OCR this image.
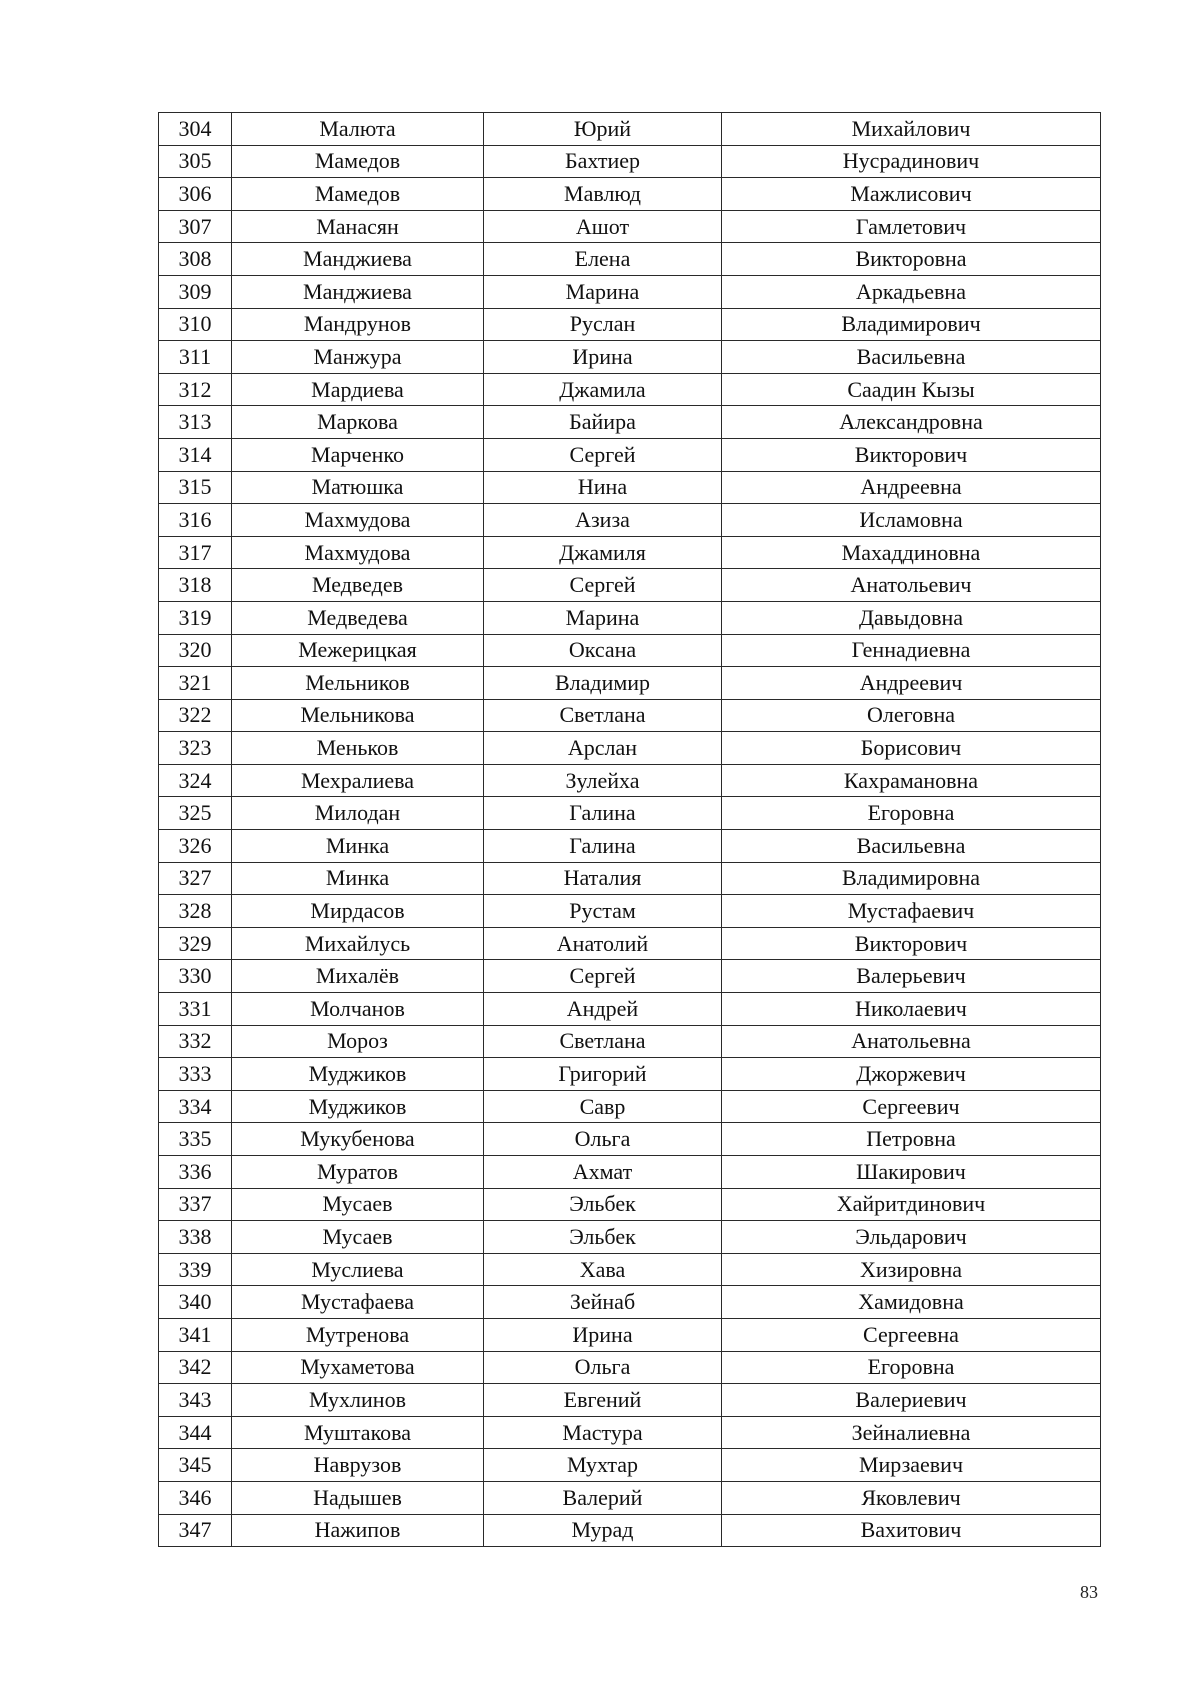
304	Малюта	Юрий	Михайлович
305	Мамедов	Бахтиер	Нусрадинович
306	Мамедов	Мавлюд	Мажлисович
307	Манасян	Ашот	Гамлетович
308	Манджиева	Елена	Викторовна
309	Манджиева	Марина	Аркадьевна
310	Мандрунов	Руслан	Владимирович
311	Манжура	Ирина	Васильевна
312	Мардиева	Джамила	Саадин Кызы
313	Маркова	Байира	Александровна
314	Марченко	Сергей	Викторович
315	Матюшка	Нина	Андреевна
316	Махмудова	Азиза	Исламовна
317	Махмудова	Джамиля	Махаддиновна
318	Медведев	Сергей	Анатольевич
319	Медведева	Марина	Давыдовна
320	Межерицкая	Оксана	Геннадиевна
321	Мельников	Владимир	Андреевич
322	Мельникова	Светлана	Олеговна
323	Меньков	Арслан	Борисович
324	Мехралиева	Зулейха	Кахрамановна
325	Милодан	Галина	Егоровна
326	Минка	Галина	Васильевна
327	Минка	Наталия	Владимировна
328	Мирдасов	Рустам	Мустафаевич
329	Михайлусь	Анатолий	Викторович
330	Михалёв	Сергей	Валерьевич
331	Молчанов	Андрей	Николаевич
332	Мороз	Светлана	Анатольевна
333	Муджиков	Григорий	Джоржевич
334	Муджиков	Савр	Сергеевич
335	Мукубенова	Ольга	Петровна
336	Муратов	Ахмат	Шакирович
337	Мусаев	Эльбек	Хайритдинович
338	Мусаев	Эльбек	Эльдарович
339	Муслиева	Хава	Хизировна
340	Мустафаева	Зейнаб	Хамидовна
341	Мутренова	Ирина	Сергеевна
342	Мухаметова	Ольга	Егоровна
343	Мухлинов	Евгений	Валериевич
344	Муштакова	Мастура	Зейналиевна
345	Наврузов	Мухтар	Мирзаевич
346	Надышев	Валерий	Яковлевич
347	Нажипов	Мурад	Вахитович
83
